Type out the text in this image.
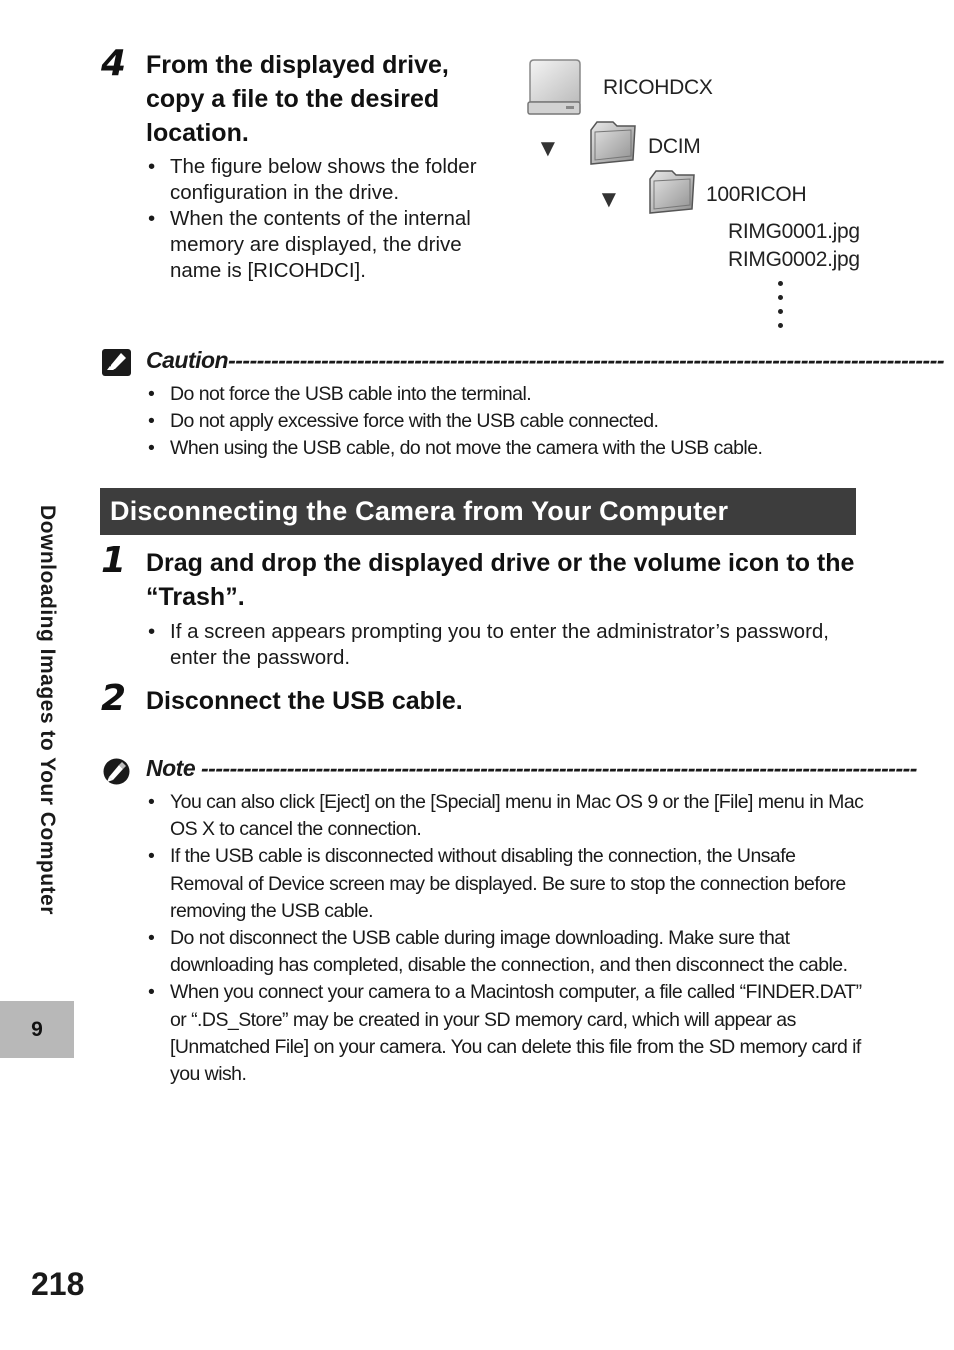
4 From the displayed drive, copy a file to the desired location.
• The figure below shows the folder configuration in the drive.
• When the contents of the internal memory are displayed, the drive name is [RICOHDCI].
RICOHDCX
▼	DCIM
▼	100RICOH
RIMG0001.jpg
RIMG0002.jpg
Caution----------------------------------------------------------------------------------------------------
• Do not force the USB cable into the terminal.
• Do not apply excessive force with the USB cable connected.
• When using the USB cable, do not move the camera with the USB cable.
Disconnecting the Camera from Your Computer
1 Drag and drop the displayed drive or the volume icon to the “Trash”.
• If a screen appears prompting you to enter the administrator’s password, enter the password.
2 Disconnect the USB cable.
Note ----------------------------------------------------------------------------------------------------
• You can also click [Eject] on the [Special] menu in Mac OS 9 or the [File] menu in Mac OS X to cancel the connection.
• If the USB cable is disconnected without disabling the connection, the Unsafe Removal of Device screen may be displayed. Be sure to stop the connection before removing the USB cable.
• Do not disconnect the USB cable during image downloading. Make sure that downloading has completed, disable the connection, and then disconnect the cable.
• When you connect your camera to a Macintosh computer, a file called “FINDER.DAT” or “.DS_Store” may be created in your SD memory card, which will appear as [Unmatched File] on your camera. You can delete this file from the SD memory card if you wish.
Downloading Images to Your Computer
9
218
